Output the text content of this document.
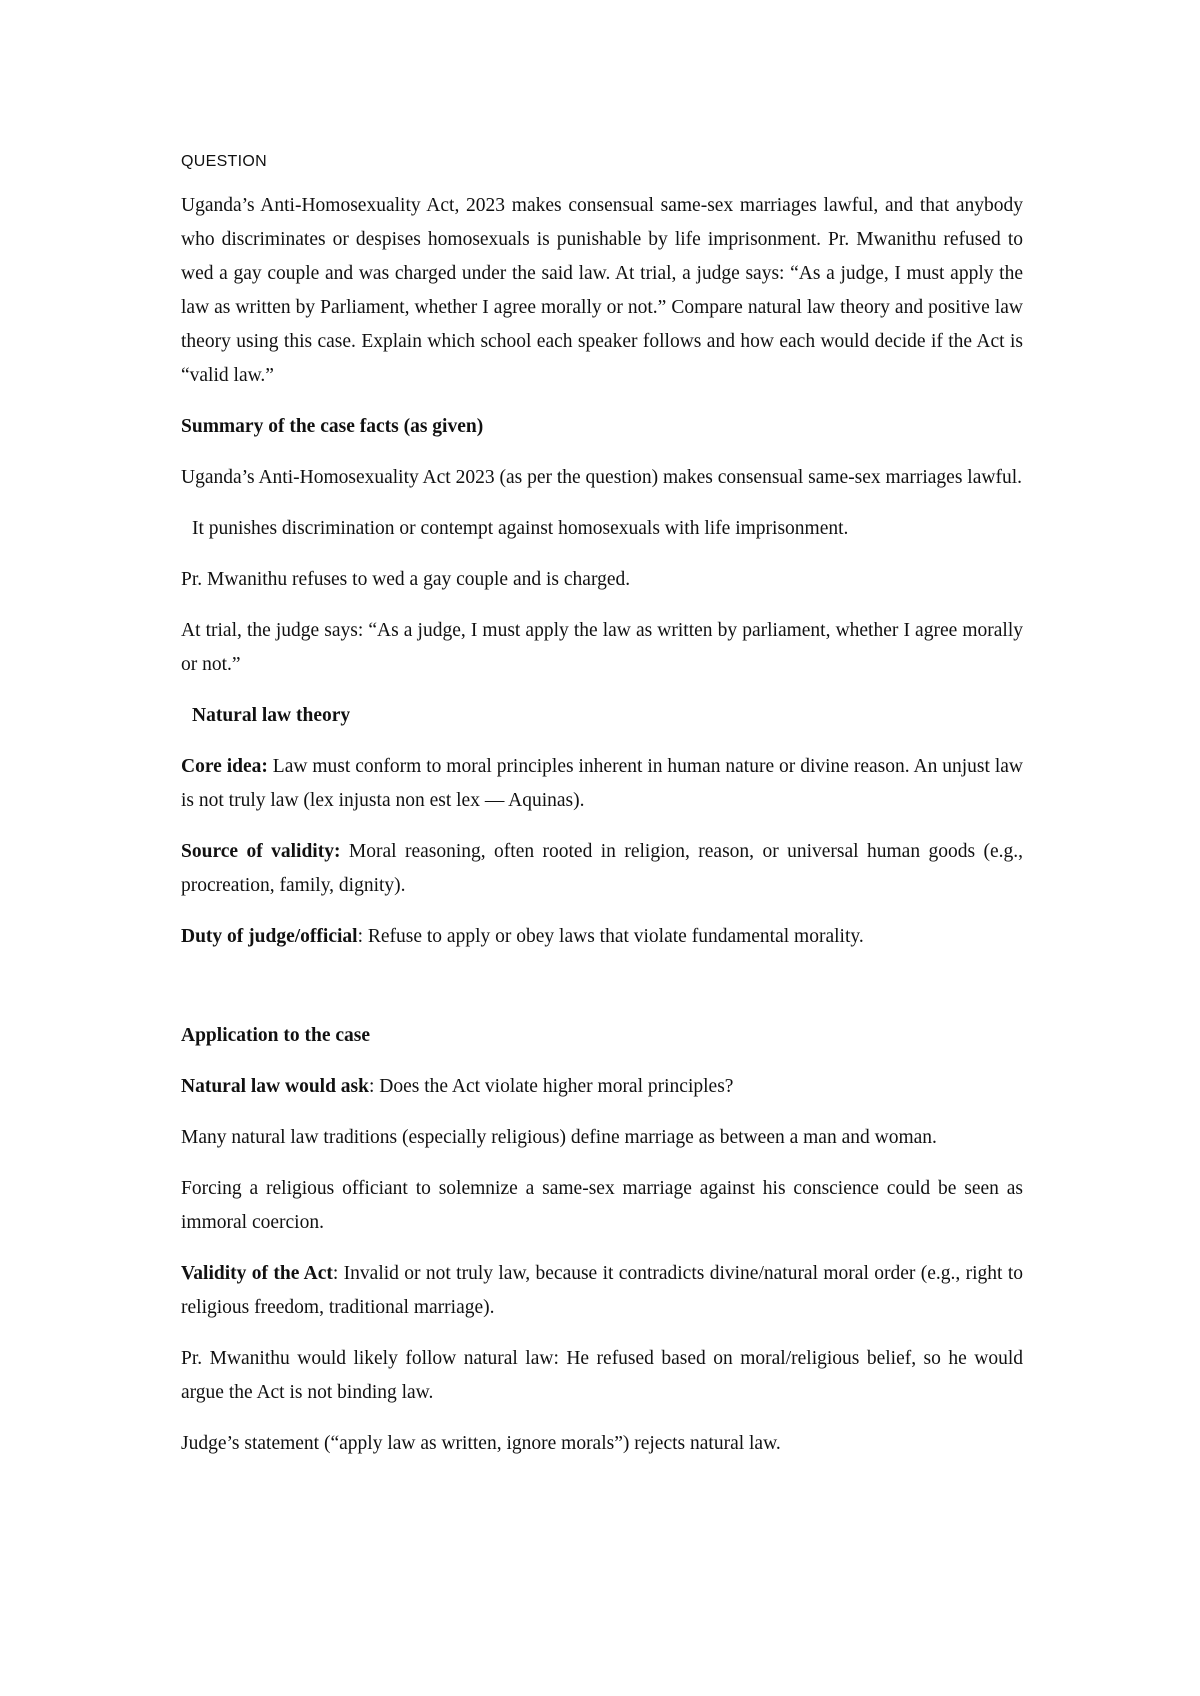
QUESTION

Uganda’s Anti-Homosexuality Act, 2023 makes consensual same-sex marriages lawful, and that anybody who discriminates or despises homosexuals is punishable by life imprisonment. Pr. Mwanithu refused to wed a gay couple and was charged under the said law. At trial, a judge says: “As a judge, I must apply the law as written by Parliament, whether I agree morally or not.” Compare natural law theory and positive law theory using this case. Explain which school each speaker follows and how each would decide if the Act is “valid law.”

Summary of the case facts (as given)

Uganda’s Anti-Homosexuality Act 2023 (as per the question) makes consensual same-sex marriages lawful.

It punishes discrimination or contempt against homosexuals with life imprisonment.

Pr. Mwanithu refuses to wed a gay couple and is charged.

At trial, the judge says: “As a judge, I must apply the law as written by parliament, whether I agree morally or not.”

Natural law theory

Core idea: Law must conform to moral principles inherent in human nature or divine reason. An unjust law is not truly law (lex injusta non est lex — Aquinas).

Source of validity: Moral reasoning, often rooted in religion, reason, or universal human goods (e.g., procreation, family, dignity).

Duty of judge/official: Refuse to apply or obey laws that violate fundamental morality.

Application to the case

Natural law would ask: Does the Act violate higher moral principles?

Many natural law traditions (especially religious) define marriage as between a man and woman.

Forcing a religious officiant to solemnize a same-sex marriage against his conscience could be seen as immoral coercion.

Validity of the Act: Invalid or not truly law, because it contradicts divine/natural moral order (e.g., right to religious freedom, traditional marriage).

Pr. Mwanithu would likely follow natural law: He refused based on moral/religious belief, so he would argue the Act is not binding law.

Judge’s statement (“apply law as written, ignore morals”) rejects natural law.
